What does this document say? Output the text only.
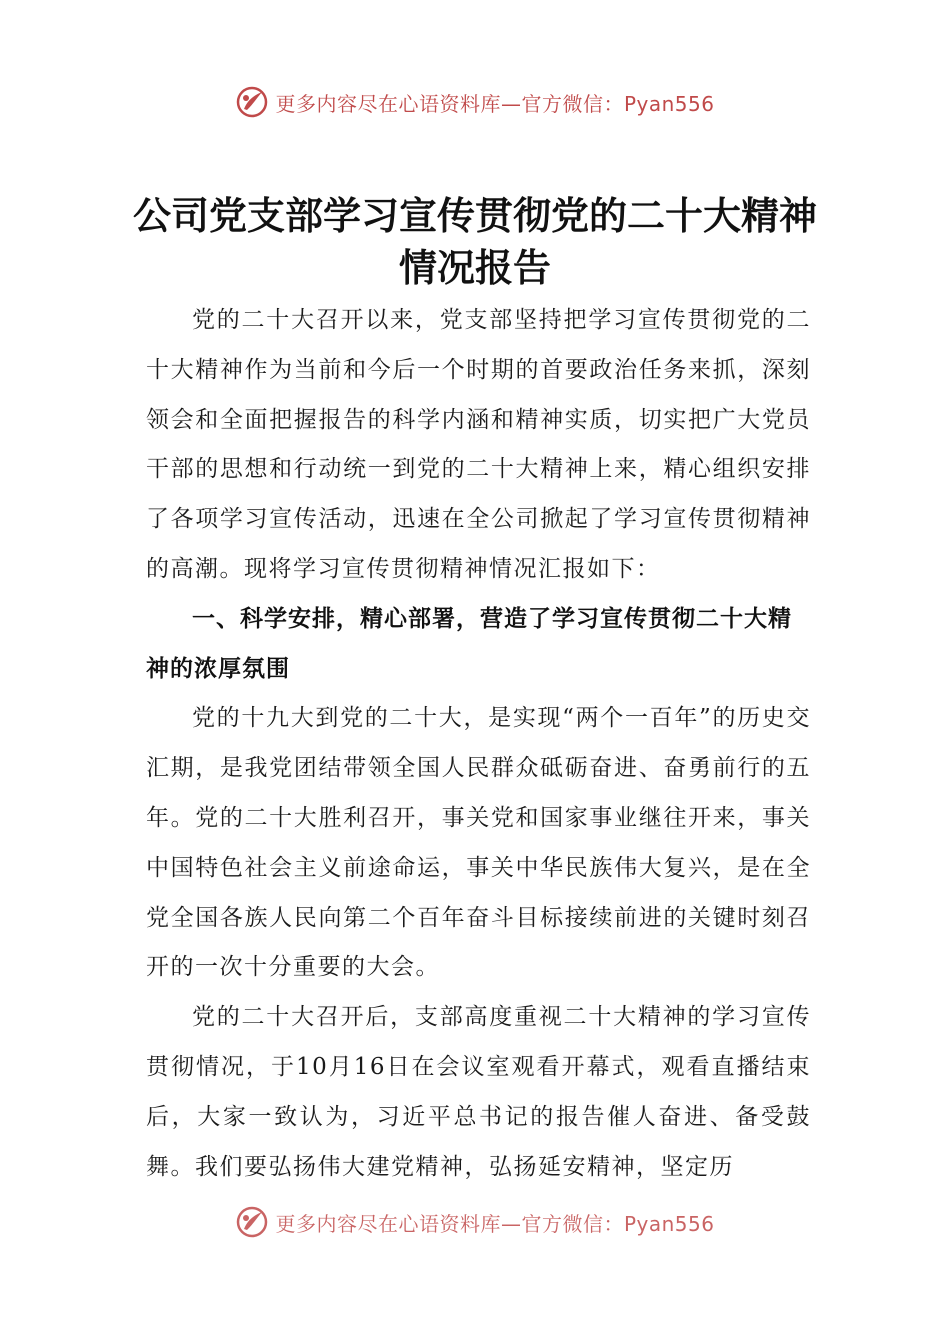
更多内容尽在心语资料库—官方微信：Pyan556
公司党支部学习宣传贯彻党的二十大精神
情况报告

党的二十大召开以来，党支部坚持把学习宣传贯彻党的二十大精神作为当前和今后一个时期的首要政治任务来抓，深刻领会和全面把握报告的科学内涵和精神实质，切实把广大党员干部的思想和行动统一到党的二十大精神上来，精心组织安排了各项学习宣传活动，迅速在全公司掀起了学习宣传贯彻精神的高潮。现将学习宣传贯彻精神情况汇报如下：

一、科学安排，精心部署，营造了学习宣传贯彻二十大精神的浓厚氛围

党的十九大到党的二十大，是实现“两个一百年”的历史交汇期，是我党团结带领全国人民群众砥砺奋进、奋勇前行的五年。党的二十大胜利召开，事关党和国家事业继往开来，事关中国特色社会主义前途命运，事关中华民族伟大复兴，是在全党全国各族人民向第二个百年奋斗目标接续前进的关键时刻召开的一次十分重要的大会。

党的二十大召开后，支部高度重视二十大精神的学习宣传贯彻情况，于10月16日在会议室观看开幕式，观看直播结束后，大家一致认为，习近平总书记的报告催人奋进、备受鼓舞。我们要弘扬伟大建党精神，弘扬延安精神，坚定历

更多内容尽在心语资料库—官方微信：Pyan556
